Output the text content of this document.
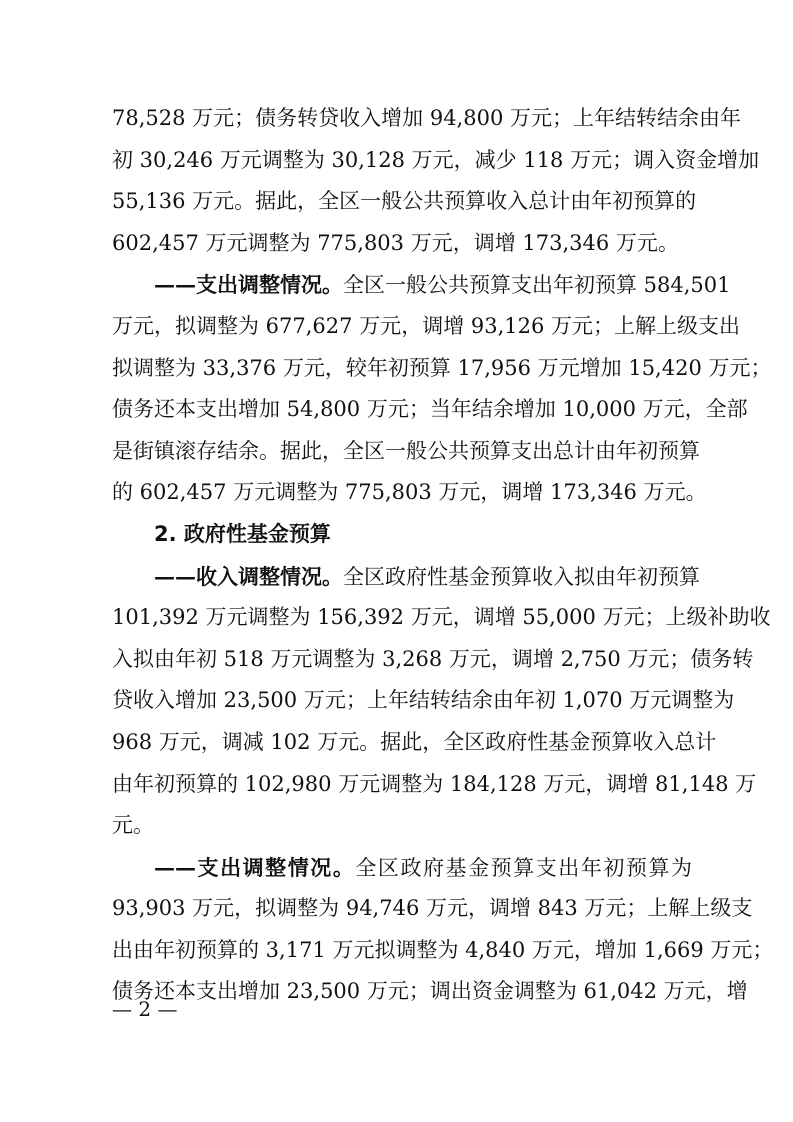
78,528 万元；债务转贷收入增加 94,800 万元；上年结转结余由年
初 30,246 万元调整为 30,128 万元，减少 118 万元；调入资金增加
55,136 万元。据此，全区一般公共预算收入总计由年初预算的
602,457 万元调整为 775,803 万元，调增 173,346 万元。
——支出调整情况。全区一般公共预算支出年初预算 584,501
万元，拟调整为 677,627 万元，调增 93,126 万元；上解上级支出
拟调整为 33,376 万元，较年初预算 17,956 万元增加 15,420 万元；
债务还本支出增加 54,800 万元；当年结余增加 10,000 万元，全部
是街镇滚存结余。据此，全区一般公共预算支出总计由年初预算
的 602,457 万元调整为 775,803 万元，调增 173,346 万元。
2. 政府性基金预算
——收入调整情况。全区政府性基金预算收入拟由年初预算
101,392 万元调整为 156,392 万元，调增 55,000 万元；上级补助收
入拟由年初 518 万元调整为 3,268 万元，调增 2,750 万元；债务转
贷收入增加 23,500 万元；上年结转结余由年初 1,070 万元调整为
968 万元，调减 102 万元。据此，全区政府性基金预算收入总计
由年初预算的 102,980 万元调整为 184,128 万元，调增 81,148 万
元。
——支出调整情况。全区政府基金预算支出年初预算为
93,903 万元，拟调整为 94,746 万元，调增 843 万元；上解上级支
出由年初预算的 3,171 万元拟调整为 4,840 万元，增加 1,669 万元；
债务还本支出增加 23,500 万元；调出资金调整为 61,042 万元，增
— 2 —
